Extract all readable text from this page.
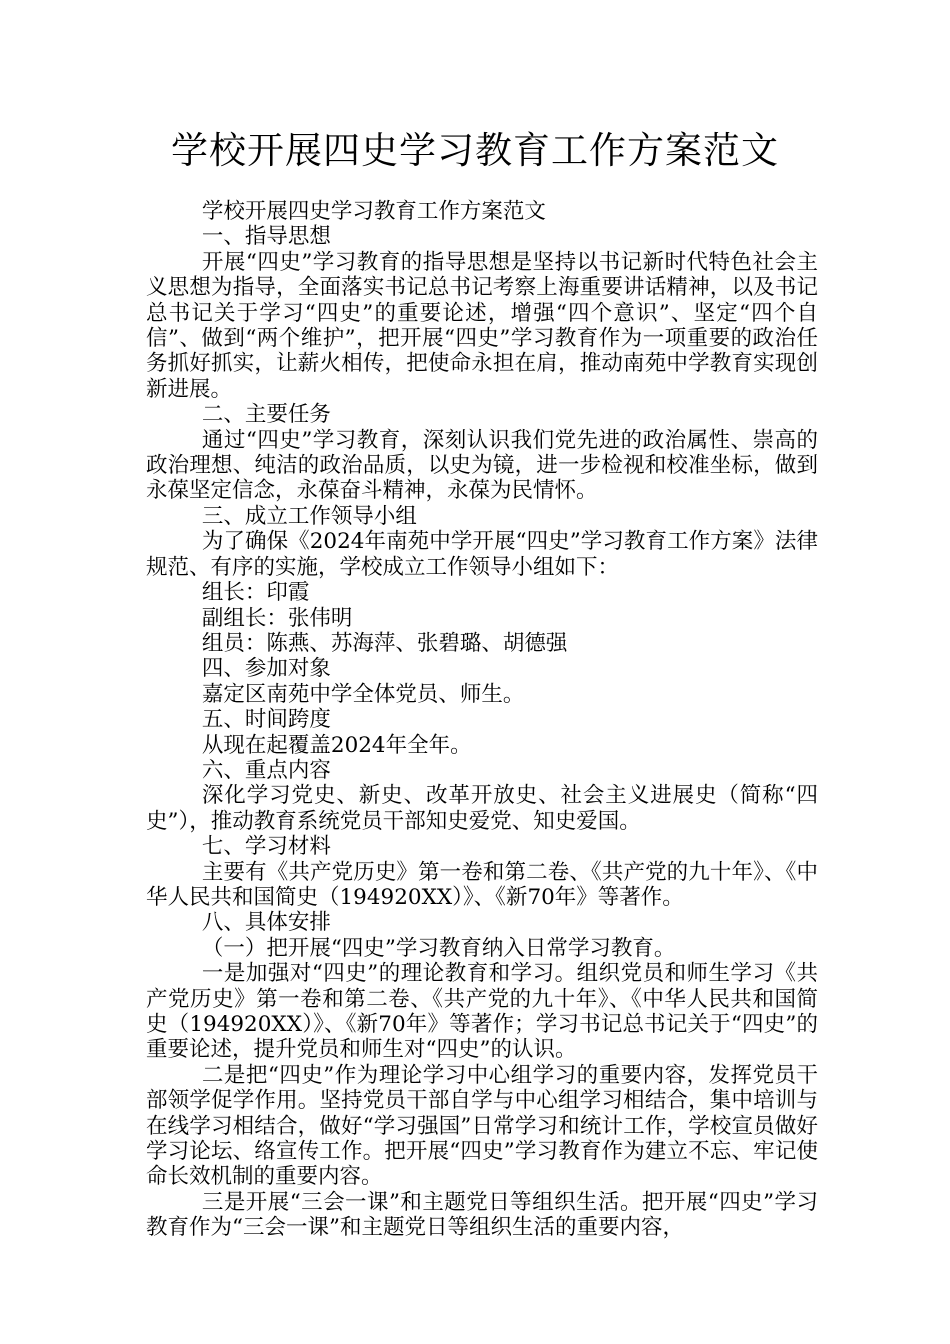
学校开展四史学习教育工作方案范文

学校开展四史学习教育工作方案范文

一、指导思想

开展“四史”学习教育的指导思想是坚持以书记新时代特色社会主义思想为指导，全面落实书记总书记考察上海重要讲话精神，以及书记总书记关于学习“四史”的重要论述，增强“四个意识”、坚定“四个自信”、做到“两个维护”，把开展“四史”学习教育作为一项重要的政治任务抓好抓实，让薪火相传，把使命永担在肩，推动南苑中学教育实现创新进展。

二、主要任务

通过“四史”学习教育，深刻认识我们党先进的政治属性、崇高的政治理想、纯洁的政治品质，以史为镜，进一步检视和校准坐标，做到永葆坚定信念，永葆奋斗精神，永葆为民情怀。

三、成立工作领导小组

为了确保《2024年南苑中学开展“四史”学习教育工作方案》法律规范、有序的实施，学校成立工作领导小组如下：

组长：印霞

副组长：张伟明

组员：陈燕、苏海萍、张碧璐、胡德强

四、参加对象

嘉定区南苑中学全体党员、师生。

五、时间跨度

从现在起覆盖2024年全年。

六、重点内容

深化学习党史、新史、改革开放史、社会主义进展史（简称“四史”），推动教育系统党员干部知史爱党、知史爱国。

七、学习材料

主要有《共产党历史》第一卷和第二卷、《共产党的九十年》、《中华人民共和国简史（194920XX）》、《新70年》等著作。

八、具体安排

（一）把开展“四史”学习教育纳入日常学习教育。

一是加强对“四史”的理论教育和学习。组织党员和师生学习《共产党历史》第一卷和第二卷、《共产党的九十年》、《中华人民共和国简史（194920XX）》、《新70年》等著作；学习书记总书记关于“四史”的重要论述，提升党员和师生对“四史”的认识。

二是把“四史”作为理论学习中心组学习的重要内容，发挥党员干部领学促学作用。坚持党员干部自学与中心组学习相结合，集中培训与在线学习相结合，做好“学习强国”日常学习和统计工作，学校宣员做好学习论坛、络宣传工作。把开展“四史”学习教育作为建立不忘、牢记使命长效机制的重要内容。

三是开展“三会一课”和主题党日等组织生活。把开展“四史”学习教育作为“三会一课”和主题党日等组织生活的重要内容，
